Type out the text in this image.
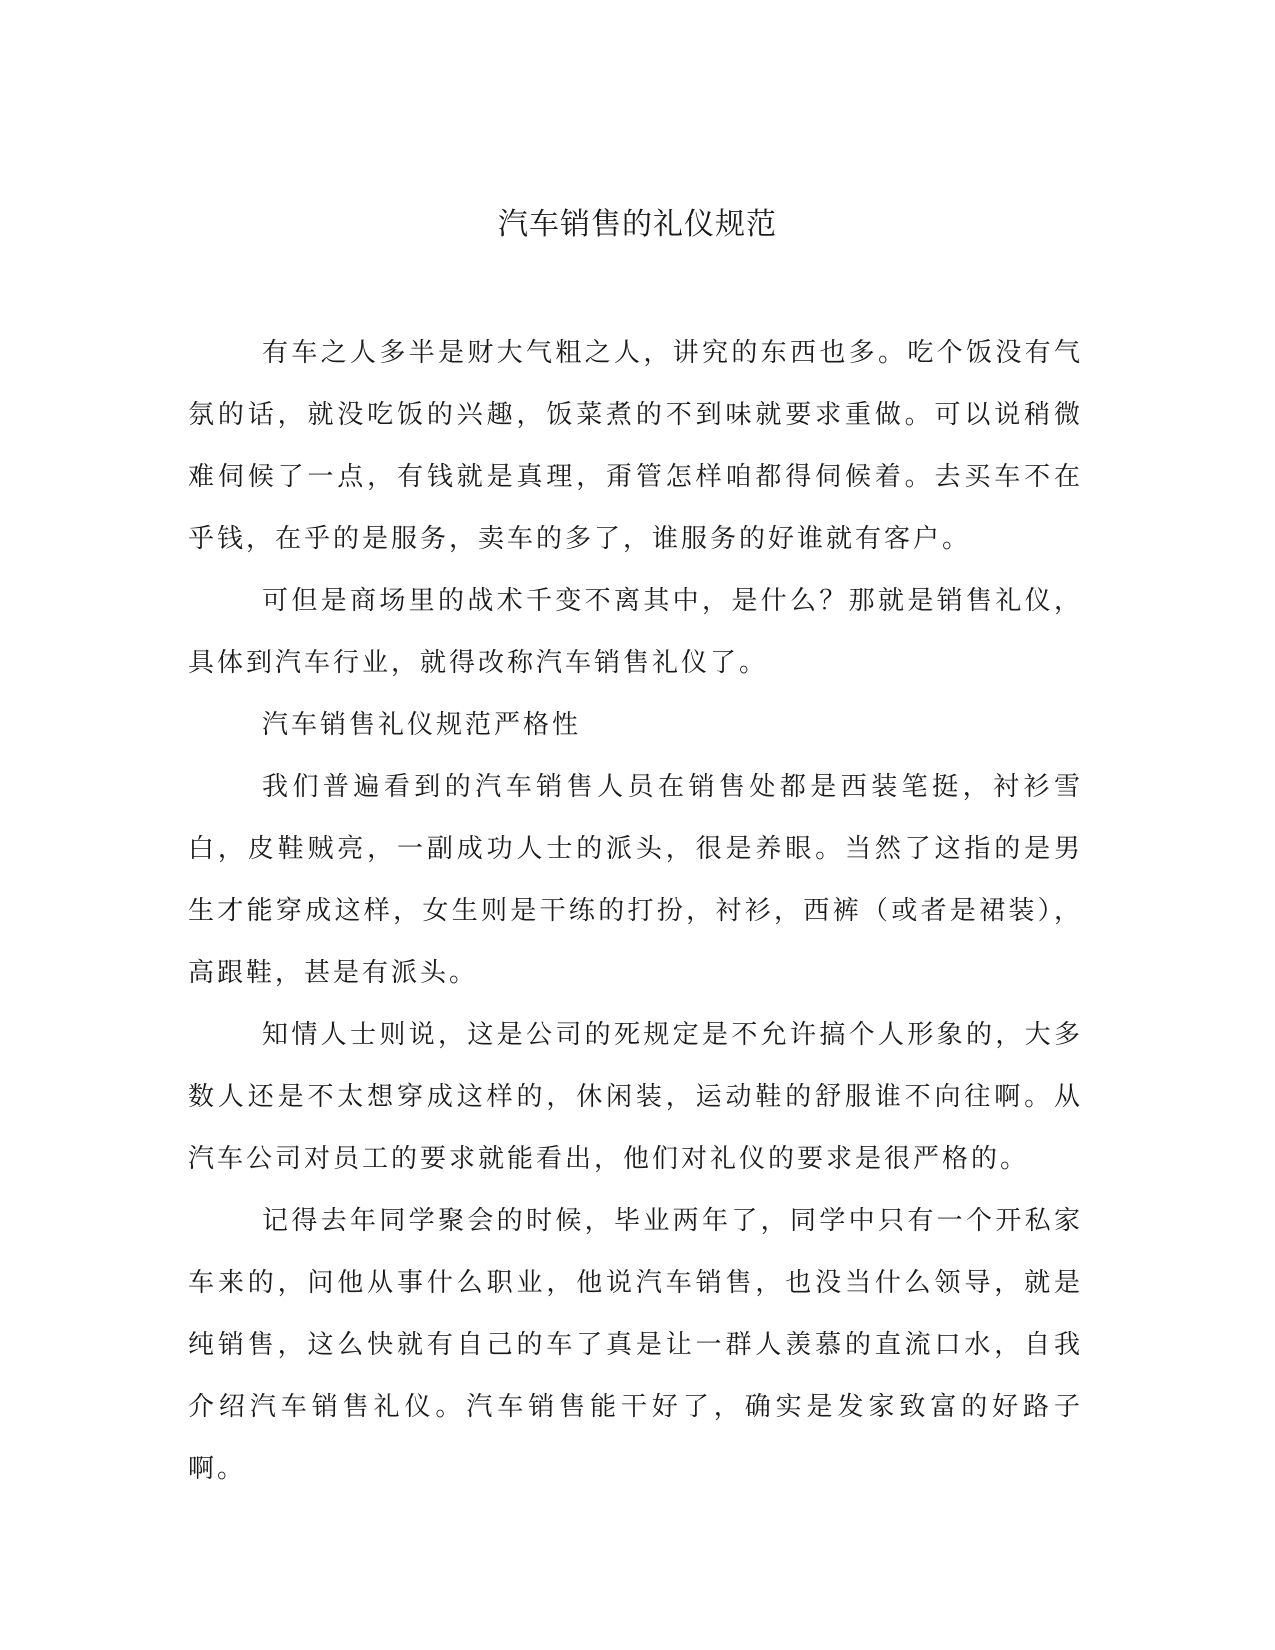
汽车销售的礼仪规范

有车之人多半是财大气粗之人，讲究的东西也多。吃个饭没有气氛的话，就没吃饭的兴趣，饭菜煮的不到味就要求重做。可以说稍微难伺候了一点，有钱就是真理，甭管怎样咱都得伺候着。去买车不在乎钱，在乎的是服务，卖车的多了，谁服务的好谁就有客户。

可但是商场里的战术千变不离其中，是什么？那就是销售礼仪，具体到汽车行业，就得改称汽车销售礼仪了。

汽车销售礼仪规范严格性

我们普遍看到的汽车销售人员在销售处都是西装笔挺，衬衫雪白，皮鞋贼亮，一副成功人士的派头，很是养眼。当然了这指的是男生才能穿成这样，女生则是干练的打扮，衬衫，西裤（或者是裙装），高跟鞋，甚是有派头。

知情人士则说，这是公司的死规定是不允许搞个人形象的，大多数人还是不太想穿成这样的，休闲装，运动鞋的舒服谁不向往啊。从汽车公司对员工的要求就能看出，他们对礼仪的要求是很严格的。

记得去年同学聚会的时候，毕业两年了，同学中只有一个开私家车来的，问他从事什么职业，他说汽车销售，也没当什么领导，就是纯销售，这么快就有自己的车了真是让一群人羡慕的直流口水，自我介绍汽车销售礼仪。汽车销售能干好了，确实是发家致富的好路子啊。
